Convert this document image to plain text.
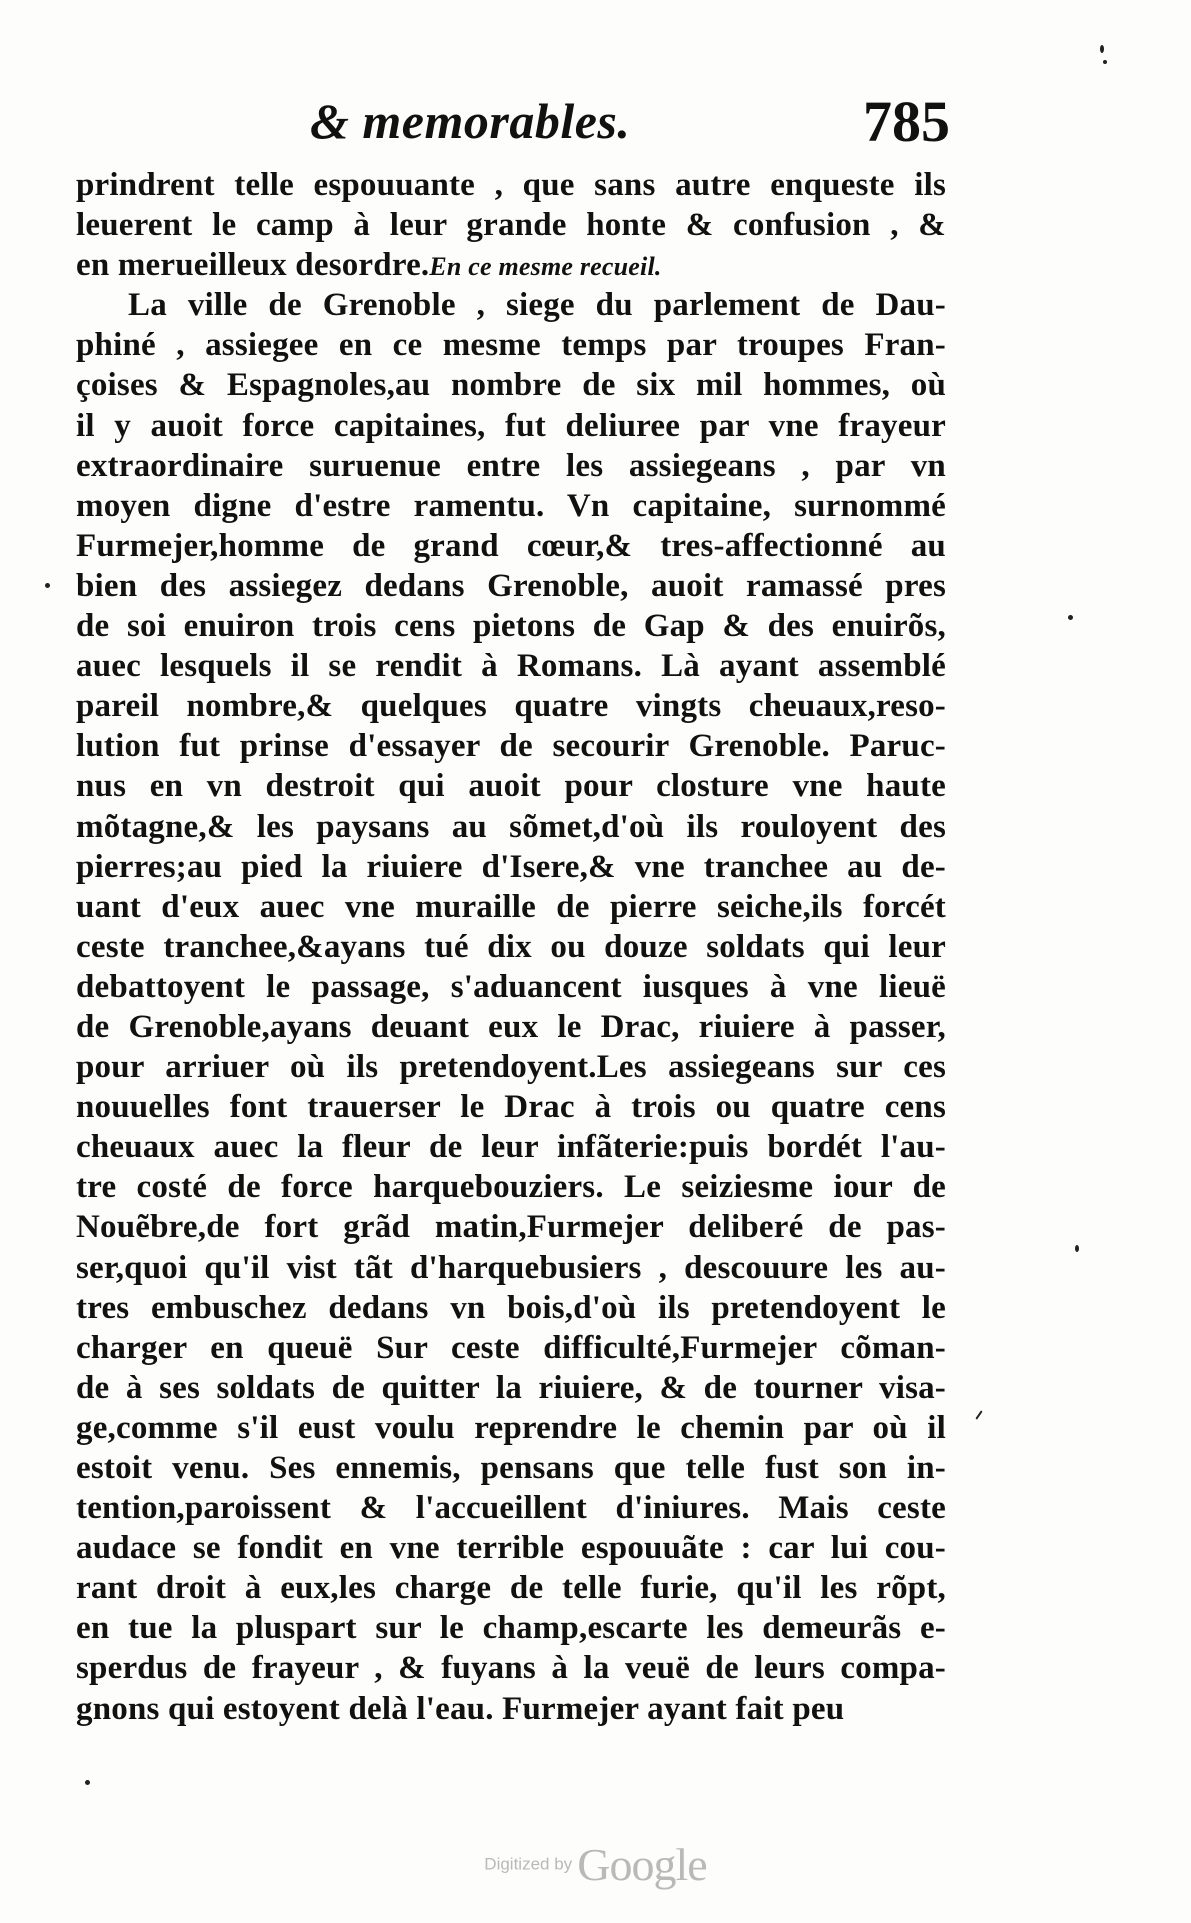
& memorables.	785
prindrent telle espouuante , que sans autre enqueste ils
leuerent le camp à leur grande honte & confusion , &
en merueilleux desordre.En ce mesme recueil.
La ville de Grenoble , siege du parlement de Dau-
phiné , assiegee en ce mesme temps par troupes Fran-
çoises & Espagnoles,au nombre de six mil hommes, où
il y auoit force capitaines, fut deliuree par vne frayeur
extraordinaire suruenue entre les assiegeans , par vn
moyen digne d'estre ramentu. Vn capitaine, surnommé
Furmejer,homme de grand cœur,& tres-affectionné au
bien des assiegez dedans Grenoble, auoit ramassé pres
de soi enuiron trois cens pietons de Gap & des enuirõs,
auec lesquels il se rendit à Romans. Là ayant assemblé
pareil nombre,& quelques quatre vingts cheuaux,reso-
lution fut prinse d'essayer de secourir Grenoble. Paruc-
nus en vn destroit qui auoit pour closture vne haute
mõtagne,& les paysans au sõmet,d'où ils rouloyent des
pierres;au pied la riuiere d'Isere,& vne tranchee au de-
uant d'eux auec vne muraille de pierre seiche,ils forcét
ceste tranchee,&ayans tué dix ou douze soldats qui leur
debattoyent le passage, s'aduancent iusques à vne lieuë
de Grenoble,ayans deuant eux le Drac, riuiere à passer,
pour arriuer où ils pretendoyent.Les assiegeans sur ces
nouuelles font trauerser le Drac à trois ou quatre cens
cheuaux auec la fleur de leur infãterie:puis bordét l'au-
tre costé de force harquebouziers. Le seiziesme iour de
Nouẽbre,de fort grãd matin,Furmejer deliberé de pas-
ser,quoi qu'il vist tãt d'harquebusiers , descouure les au-
tres embuschez dedans vn bois,d'où ils pretendoyent le
charger en queuë Sur ceste difficulté,Furmejer cõman-
de à ses soldats de quitter la riuiere, & de tourner visa-
ge,comme s'il eust voulu reprendre le chemin par où il
estoit venu. Ses ennemis, pensans que telle fust son in-
tention,paroissent & l'accueillent d'iniures. Mais ceste
audace se fondit en vne terrible espouuãte : car lui cou-
rant droit à eux,les charge de telle furie, qu'il les rõpt,
en tue la pluspart sur le champ,escarte les demeurãs e-
sperdus de frayeur , & fuyans à la veuë de leurs compa-
gnons qui estoyent delà l'eau. Furmejer ayant fait peu
Digitized by Google
